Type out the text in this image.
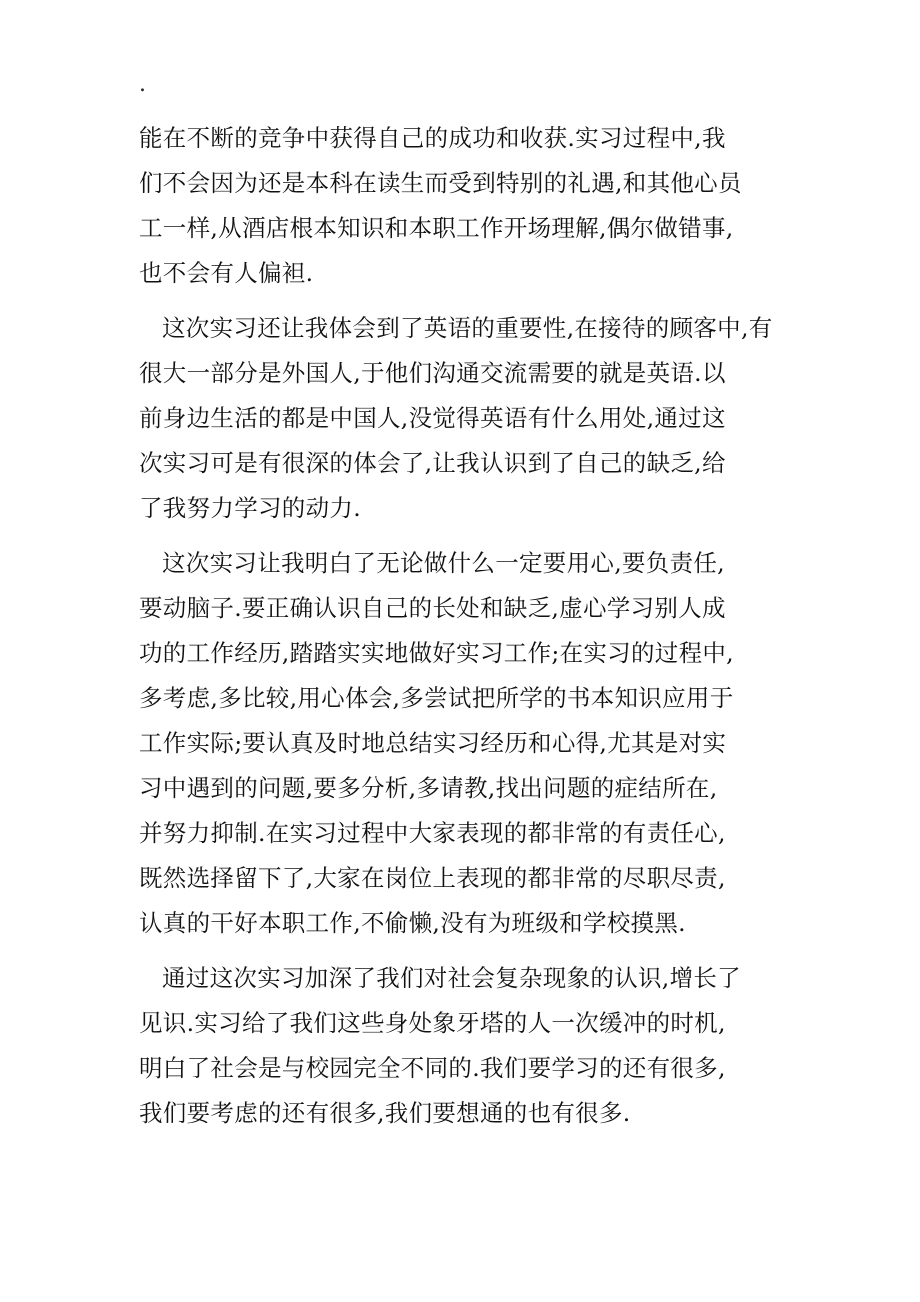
.

能在不断的竞争中获得自己的成功和收获.实习过程中,我

们不会因为还是本科在读生而受到特别的礼遇,和其他心员

工一样,从酒店根本知识和本职工作开场理解,偶尔做错事,

也不会有人偏袒.

这次实习还让我体会到了英语的重要性,在接待的顾客中,有

很大一部分是外国人,于他们沟通交流需要的就是英语.以

前身边生活的都是中国人,没觉得英语有什么用处,通过这

次实习可是有很深的体会了,让我认识到了自己的缺乏,给

了我努力学习的动力.

这次实习让我明白了无论做什么一定要用心,要负责任,

要动脑子.要正确认识自己的长处和缺乏,虚心学习别人成

功的工作经历,踏踏实实地做好实习工作;在实习的过程中,

多考虑,多比较,用心体会,多尝试把所学的书本知识应用于

工作实际;要认真及时地总结实习经历和心得,尤其是对实

习中遇到的问题,要多分析,多请教,找出问题的症结所在,

并努力抑制.在实习过程中大家表现的都非常的有责任心,

既然选择留下了,大家在岗位上表现的都非常的尽职尽责,

认真的干好本职工作,不偷懒,没有为班级和学校摸黑.

通过这次实习加深了我们对社会复杂现象的认识,增长了

见识.实习给了我们这些身处象牙塔的人一次缓冲的时机,

明白了社会是与校园完全不同的.我们要学习的还有很多,

我们要考虑的还有很多,我们要想通的也有很多.
